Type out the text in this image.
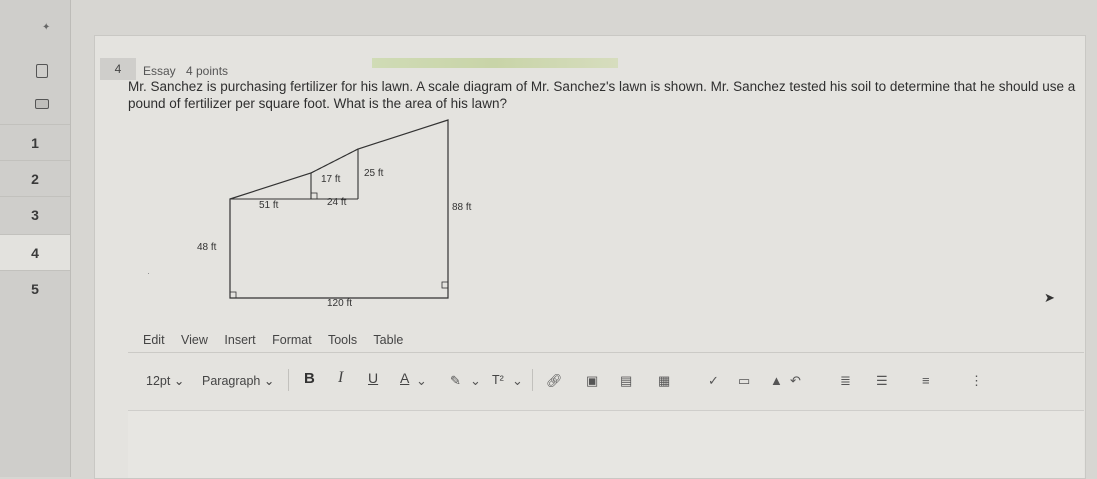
1
2
3
4
5
✦
4	Essay 4 points
Mr. Sanchez is purchasing fertilizer for his lawn. A scale diagram of Mr. Sanchez's lawn is shown. Mr. Sanchez tested his soil to determine that he should use a pound of fertilizer per square foot. What is the area of his lawn?
17 ft
25 ft
51 ft	24 ft	88 ft
48 ft
120 ft
·
Edit View Insert Format Tools Table
12pt ⌄ Paragraph ⌄ B I U A ⌄ ✎ ⌄ T² ⌄ 🔗︎ ▣ ▤ ▦	✓ ▭ ▲ ↶	≣ ☰	≡	⋮
➤
